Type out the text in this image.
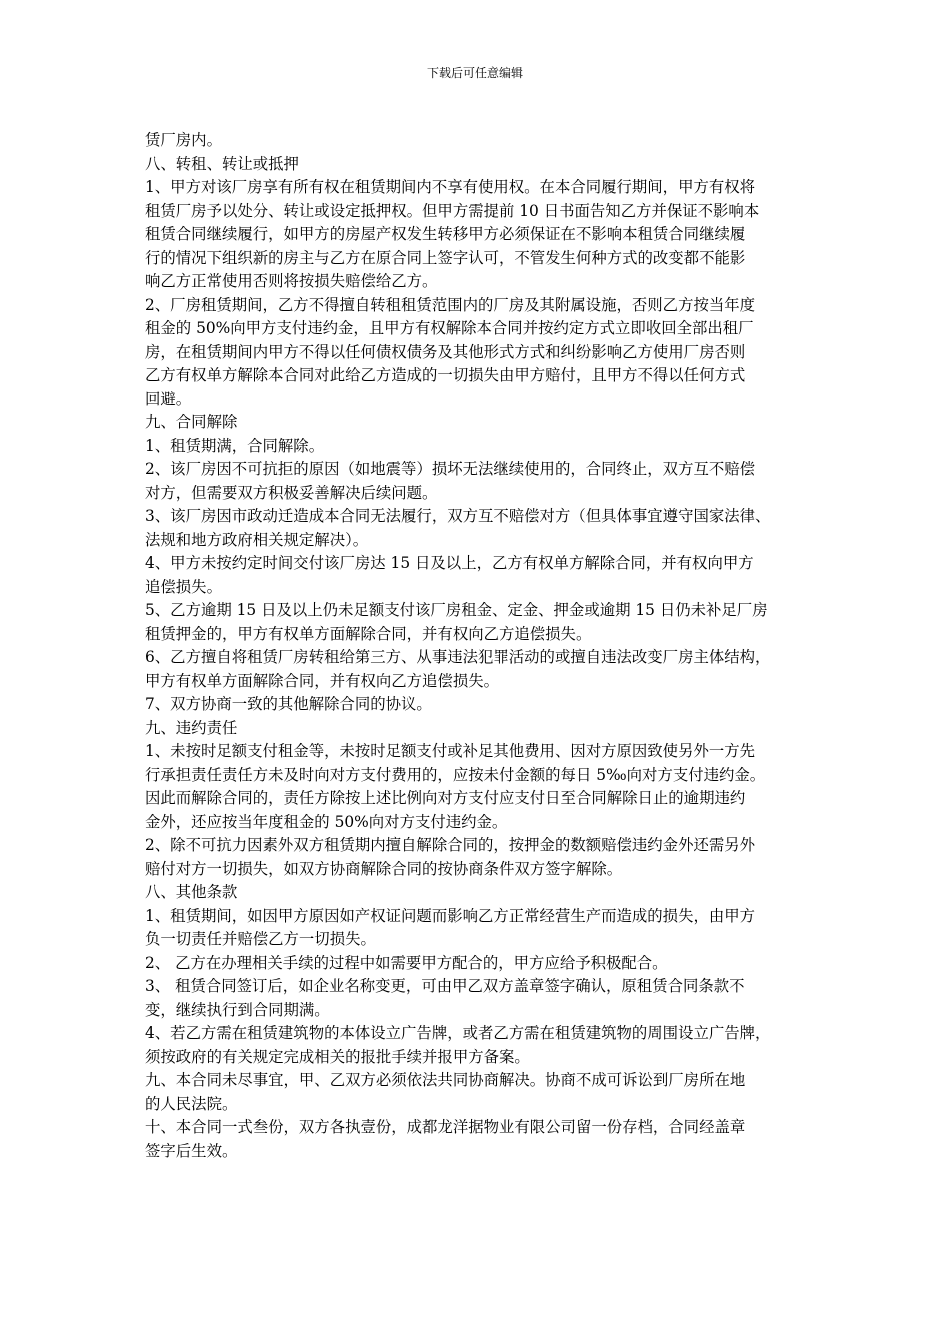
下载后可任意编辑
赁厂房内。
八、转租、转让或抵押
1、甲方对该厂房享有所有权在租赁期间内不享有使用权。在本合同履行期间，甲方有权将
租赁厂房予以处分、转让或设定抵押权。但甲方需提前 10 日书面告知乙方并保证不影响本
租赁合同继续履行，如甲方的房屋产权发生转移甲方必须保证在不影响本租赁合同继续履
行的情况下组织新的房主与乙方在原合同上签字认可，不管发生何种方式的改变都不能影
响乙方正常使用否则将按损失赔偿给乙方。
2、厂房租赁期间，乙方不得擅自转租租赁范围内的厂房及其附属设施，否则乙方按当年度
租金的 50%向甲方支付违约金，且甲方有权解除本合同并按约定方式立即收回全部出租厂
房，在租赁期间内甲方不得以任何债权债务及其他形式方式和纠纷影响乙方使用厂房否则
乙方有权单方解除本合同对此给乙方造成的一切损失由甲方赔付，且甲方不得以任何方式
回避。
九、合同解除
1、租赁期满，合同解除。
2、该厂房因不可抗拒的原因（如地震等）损坏无法继续使用的，合同终止，双方互不赔偿
对方，但需要双方积极妥善解决后续问题。
3、该厂房因市政动迁造成本合同无法履行，双方互不赔偿对方（但具体事宜遵守国家法律、
法规和地方政府相关规定解决）。
4、甲方未按约定时间交付该厂房达 15 日及以上，乙方有权单方解除合同，并有权向甲方
追偿损失。
5、乙方逾期 15 日及以上仍未足额支付该厂房租金、定金、押金或逾期 15 日仍未补足厂房
租赁押金的，甲方有权单方面解除合同，并有权向乙方追偿损失。
6、乙方擅自将租赁厂房转租给第三方、从事违法犯罪活动的或擅自违法改变厂房主体结构，
甲方有权单方面解除合同，并有权向乙方追偿损失。
7、双方协商一致的其他解除合同的协议。
九、违约责任
1、未按时足额支付租金等，未按时足额支付或补足其他费用、因对方原因致使另外一方先
行承担责任责任方未及时向对方支付费用的，应按未付金额的每日 5‰向对方支付违约金。
因此而解除合同的，责任方除按上述比例向对方支付应支付日至合同解除日止的逾期违约
金外，还应按当年度租金的 50%向对方支付违约金。
2、除不可抗力因素外双方租赁期内擅自解除合同的，按押金的数额赔偿违约金外还需另外
赔付对方一切损失，如双方协商解除合同的按协商条件双方签字解除。
八、其他条款
1、租赁期间，如因甲方原因如产权证问题而影响乙方正常经营生产而造成的损失，由甲方
负一切责任并赔偿乙方一切损失。
2、 乙方在办理相关手续的过程中如需要甲方配合的，甲方应给予积极配合。
3、 租赁合同签订后，如企业名称变更，可由甲乙双方盖章签字确认，原租赁合同条款不
变，继续执行到合同期满。
4、若乙方需在租赁建筑物的本体设立广告牌，或者乙方需在租赁建筑物的周围设立广告牌，
须按政府的有关规定完成相关的报批手续并报甲方备案。
九、本合同未尽事宜，甲、乙双方必须依法共同协商解决。协商不成可诉讼到厂房所在地
的人民法院。
十、本合同一式叁份，双方各执壹份，成都龙洋据物业有限公司留一份存档，合同经盖章
签字后生效。
